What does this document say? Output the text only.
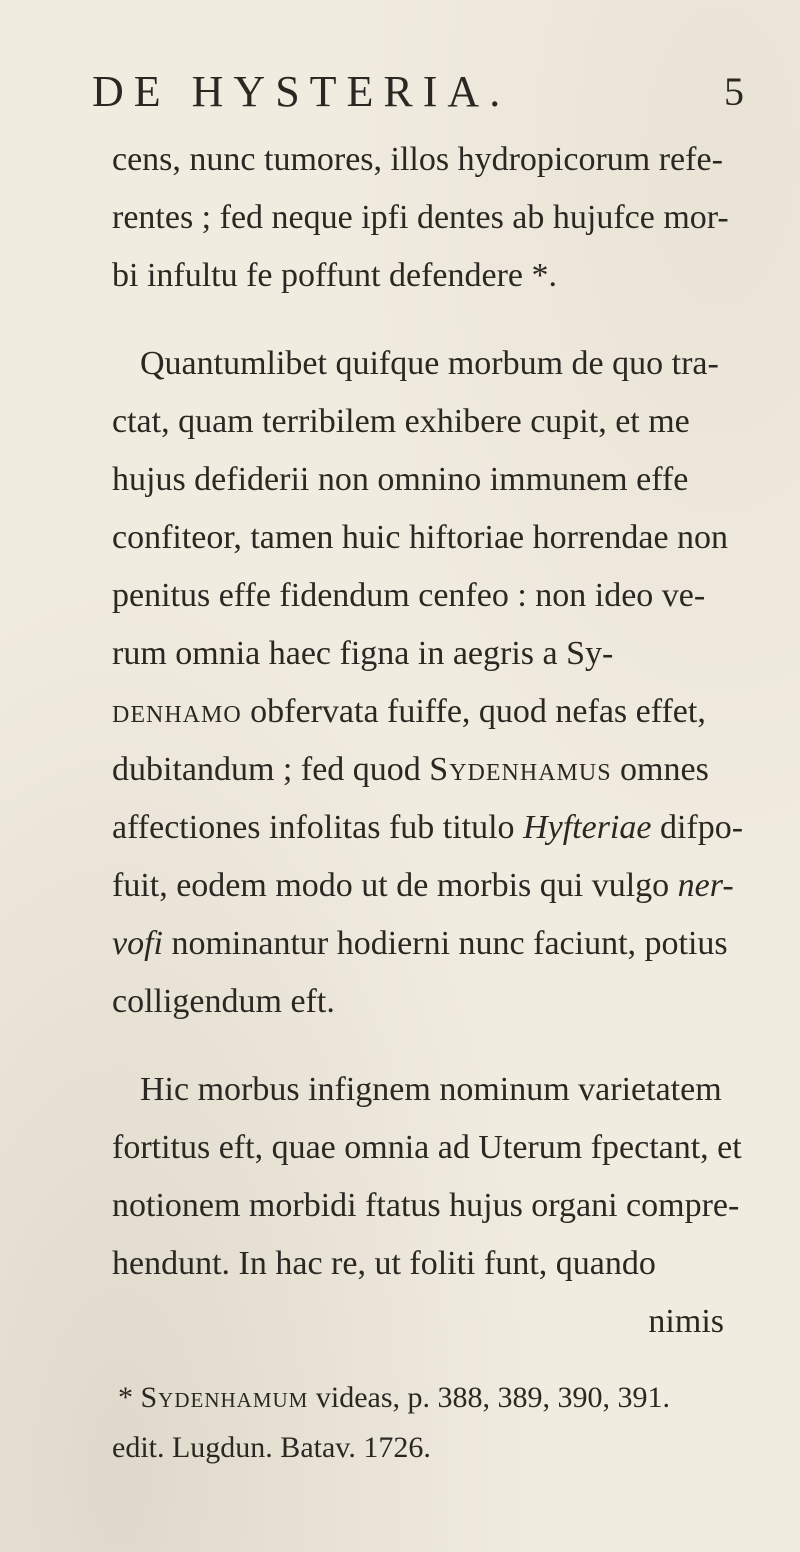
DE HYSTERIA.	5
cens, nunc tumores, illos hydropicorum refe-
rentes ; fed neque ipfi dentes ab hujufce mor-
bi infultu fe poffunt defendere *.
Quantumlibet quifque morbum de quo tra-
ctat, quam terribilem exhibere cupit, et me
hujus defiderii non omnino immunem effe
confiteor, tamen huic hiftoriae horrendae non
penitus effe fidendum cenfeo : non ideo ve-
rum omnia haec figna in aegris a Sy-
denhamo obfervata fuiffe, quod nefas effet,
dubitandum ; fed quod Sydenhamus omnes
affectiones infolitas fub titulo Hyfteriae difpo-
fuit, eodem modo ut de morbis qui vulgo ner-
vofi nominantur hodierni nunc faciunt, potius
colligendum eft.
Hic morbus infignem nominum varietatem
fortitus eft, quae omnia ad Uterum fpectant, et
notionem morbidi ftatus hujus organi compre-
hendunt. In hac re, ut foliti funt, quando
nimis
* Sydenhamum videas, p. 388, 389, 390, 391.
edit. Lugdun. Batav. 1726.
